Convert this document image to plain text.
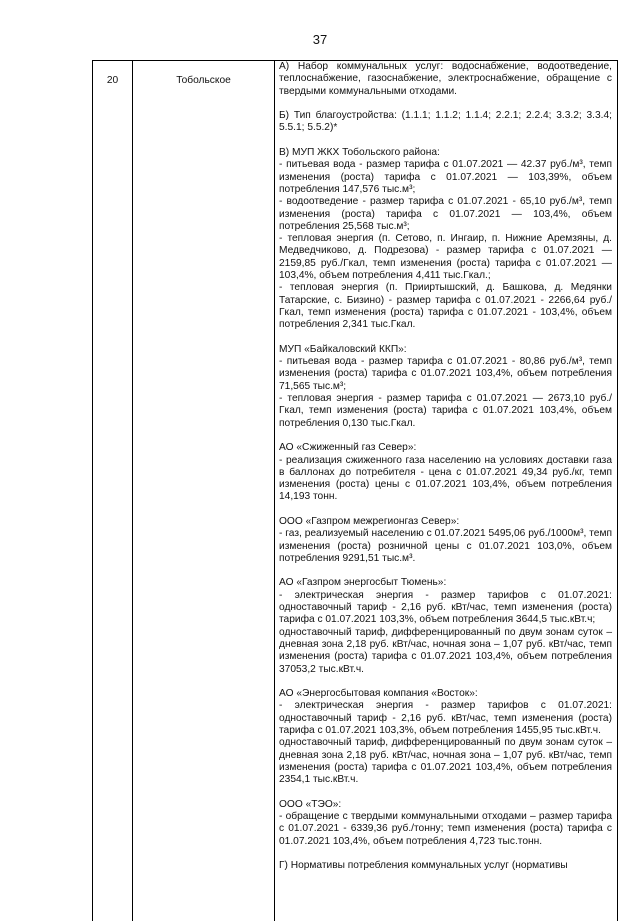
37
20	Тобольское

А) Набор коммунальных услуг: водоснабжение, водоотведение, теплоснабжение, газоснабжение, электроснабжение, обращение с твердыми коммунальными отходами.

Б) Тип благоустройства: (1.1.1; 1.1.2; 1.1.4; 2.2.1; 2.2.4; 3.3.2; 3.3.4; 5.5.1; 5.5.2)*

В) МУП ЖКХ Тобольского района:
- питьевая вода - размер тарифа с 01.07.2021 — 42.37 руб./м³, темп изменения (роста) тарифа с 01.07.2021 — 103,39%, объем потребления 147,576 тыс.м³;
- водоотведение - размер тарифа с 01.07.2021 - 65,10 руб./м³, темп изменения (роста) тарифа с 01.07.2021 — 103,4%, объем потребления 25,568 тыс.м³;
- тепловая энергия (п. Сетово, п. Ингаир, п. Нижние Аремзяны, д. Медведчиково, д. Подрезова) - размер тарифа с 01.07.2021 — 2159,85 руб./Гкал, темп изменения (роста) тарифа с 01.07.2021 — 103,4%, объем потребления 4,411 тыс.Гкал.;
- тепловая энергия (п. Прииртышский, д. Башкова, д. Медянки Татарские, с. Бизино) - размер тарифа с 01.07.2021 - 2266,64 руб./Гкал, темп изменения (роста) тарифа с 01.07.2021 - 103,4%, объем потребления 2,341 тыс.Гкал.

МУП «Байкаловский ККП»:
- питьевая вода - размер тарифа с 01.07.2021 - 80,86 руб./м³, темп изменения (роста) тарифа с 01.07.2021 103,4%, объем потребления 71,565 тыс.м³;
- тепловая энергия - размер тарифа с 01.07.2021 — 2673,10 руб./Гкал, темп изменения (роста) тарифа с 01.07.2021 103,4%, объем потребления 0,130 тыс.Гкал.

АО «Сжиженный газ Север»:
- реализация сжиженного газа населению на условиях доставки газа в баллонах до потребителя - цена с 01.07.2021 49,34 руб./кг, темп изменения (роста) цены с 01.07.2021 103,4%, объем потребления 14,193 тонн.

ООО «Газпром межрегионгаз Север»:
- газ, реализуемый населению с 01.07.2021 5495,06 руб./1000м³, темп изменения (роста) розничной цены с 01.07.2021 103,0%, объем потребления 9291,51 тыс.м³.

АО «Газпром энергосбыт Тюмень»:
- электрическая энергия - размер тарифов с 01.07.2021: одноставочный тариф - 2,16 руб. кВт/час, темп изменения (роста) тарифа с 01.07.2021 103,3%, объем потребления 3644,5 тыс.кВт.ч;
одноставочный тариф, дифференцированный по двум зонам суток – дневная зона 2,18 руб. кВт/час, ночная зона – 1,07 руб. кВт/час, темп изменения (роста) тарифа с 01.07.2021 103,4%, объем потребления 37053,2 тыс.кВт.ч.

АО «Энергосбытовая компания «Восток»:
- электрическая энергия - размер тарифов с 01.07.2021: одноставочный тариф - 2,16 руб. кВт/час, темп изменения (роста) тарифа с 01.07.2021 103,3%, объем потребления 1455,95 тыс.кВт.ч.
одноставочный тариф, дифференцированный по двум зонам суток – дневная зона 2,18 руб. кВт/час, ночная зона – 1,07 руб. кВт/час, темп изменения (роста) тарифа с 01.07.2021 103,4%, объем потребления 2354,1 тыс.кВт.ч.

ООО «ТЭО»:
- обращение с твердыми коммунальными отходами – размер тарифа с 01.07.2021 - 6339,36 руб./тонну; темп изменения (роста) тарифа с 01.07.2021 103,4%, объем потребления 4,723 тыс.тонн.

Г) Нормативы потребления коммунальных услуг (нормативы
